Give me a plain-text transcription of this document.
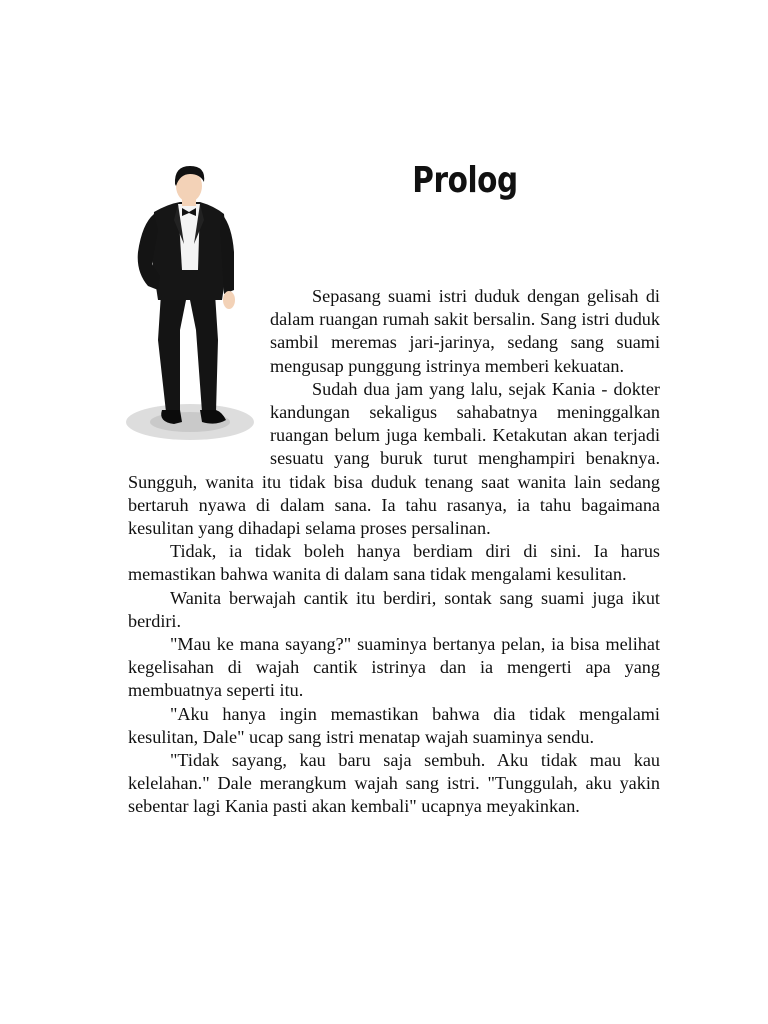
Prolog

Sepasang suami istri duduk dengan gelisah di dalam ruangan rumah sakit bersalin. Sang istri duduk sambil meremas jari-jarinya, sedang sang suami mengusap punggung istrinya memberi kekuatan.

Sudah dua jam yang lalu, sejak Kania - dokter kandungan sekaligus sahabatnya meninggalkan ruangan belum juga kembali. Ketakutan akan terjadi sesuatu yang buruk turut menghampiri benaknya. Sungguh, wanita itu tidak bisa duduk tenang saat wanita lain sedang bertaruh nyawa di dalam sana. Ia tahu rasanya, ia tahu bagaimana kesulitan yang dihadapi selama proses persalinan.

Tidak, ia tidak boleh hanya berdiam diri di sini. Ia harus memastikan bahwa wanita di dalam sana tidak mengalami kesulitan.

Wanita berwajah cantik itu berdiri, sontak sang suami juga ikut berdiri.

"Mau ke mana sayang?" suaminya bertanya pelan, ia bisa melihat kegelisahan di wajah cantik istrinya dan ia mengerti apa yang membuatnya seperti itu.

"Aku hanya ingin memastikan bahwa dia tidak mengalami kesulitan, Dale" ucap sang istri menatap wajah suaminya sendu.

"Tidak sayang, kau baru saja sembuh. Aku tidak mau kau kelelahan." Dale merangkum wajah sang istri. "Tunggulah, aku yakin sebentar lagi Kania pasti akan kembali" ucapnya meyakinkan.
